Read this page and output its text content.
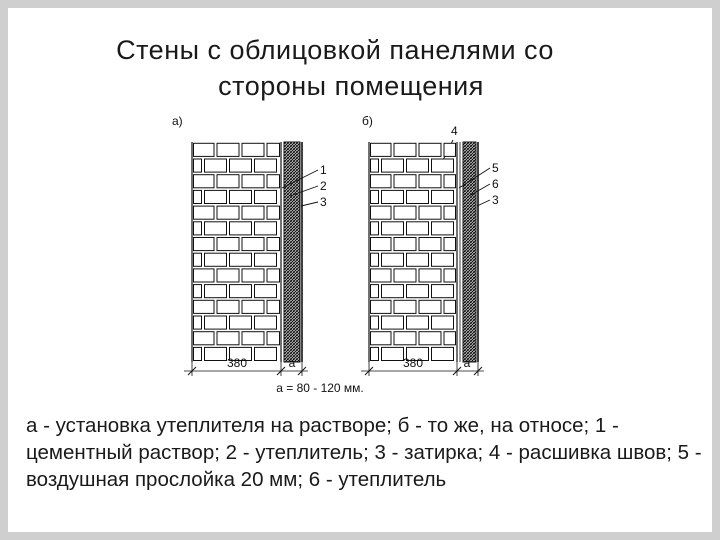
Стены с облицовкой панелями со
стороны помещения
а)
1
2
3
380	а
б)
4
5
6
3
380	а
а = 80 - 120 мм.
а - установка утеплителя на растворе; б - то же, на относе; 1 - цементный раствор; 2 - утеплитель; 3 - затирка; 4 - расшивка швов; 5 - воздушная прослойка 20 мм; 6 - утеплитель
